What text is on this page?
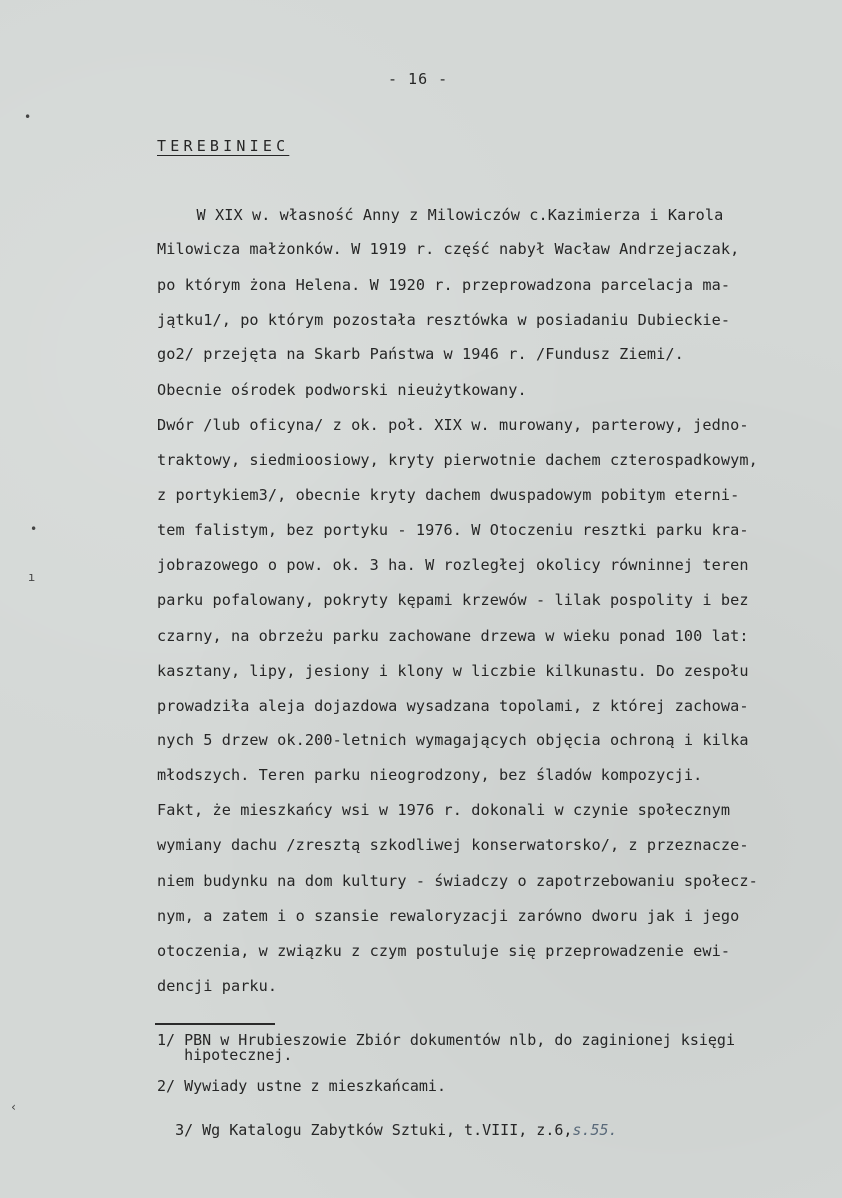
- 16 -
TEREBINIEC
W XIX w. własność Anny z Milowiczów c.Kazimierza i Karola
Milowicza małżonków. W 1919 r. część nabył Wacław Andrzejaczak,
po którym żona Helena. W 1920 r. przeprowadzona parcelacja ma-
jątku1/, po którym pozostała resztówka w posiadaniu Dubieckie-
go2/ przejęta na Skarb Państwa w 1946 r. /Fundusz Ziemi/.
Obecnie ośrodek podworski nieużytkowany.
Dwór /lub oficyna/ z ok. poł. XIX w. murowany, parterowy, jedno-
traktowy, siedmioosiowy, kryty pierwotnie dachem czterospadkowym,
z portykiem3/, obecnie kryty dachem dwuspadowym pobitym eterni-
tem falistym, bez portyku - 1976. W Otoczeniu resztki parku kra-
jobrazowego o pow. ok. 3 ha. W rozległej okolicy równinnej teren
parku pofalowany, pokryty kępami krzewów - lilak pospolity i bez
czarny, na obrzeżu parku zachowane drzewa w wieku ponad 100 lat:
kasztany, lipy, jesiony i klony w liczbie kilkunastu. Do zespołu
prowadziła aleja dojazdowa wysadzana topolami, z której zachowa-
nych 5 drzew ok.200-letnich wymagających objęcia ochroną i kilka
młodszych. Teren parku nieogrodzony, bez śladów kompozycji.
Fakt, że mieszkańcy wsi w 1976 r. dokonali w czynie społecznym
wymiany dachu /zresztą szkodliwej konserwatorsko/, z przeznacze-
niem budynku na dom kultury - świadczy o zapotrzebowaniu społecz-
nym, a zatem i o szansie rewaloryzacji zarówno dworu jak i jego
otoczenia, w związku z czym postuluje się przeprowadzenie ewi-
dencji parku.
1/ PBN w Hrubieszowie Zbiór dokumentów nlb, do zaginionej księgi
hipotecznej.
2/ Wywiady ustne z mieszkańcami.

3/ Wg Katalogu Zabytków Sztuki, t.VIII, z.6,s.55.

•
•
ı
‹
